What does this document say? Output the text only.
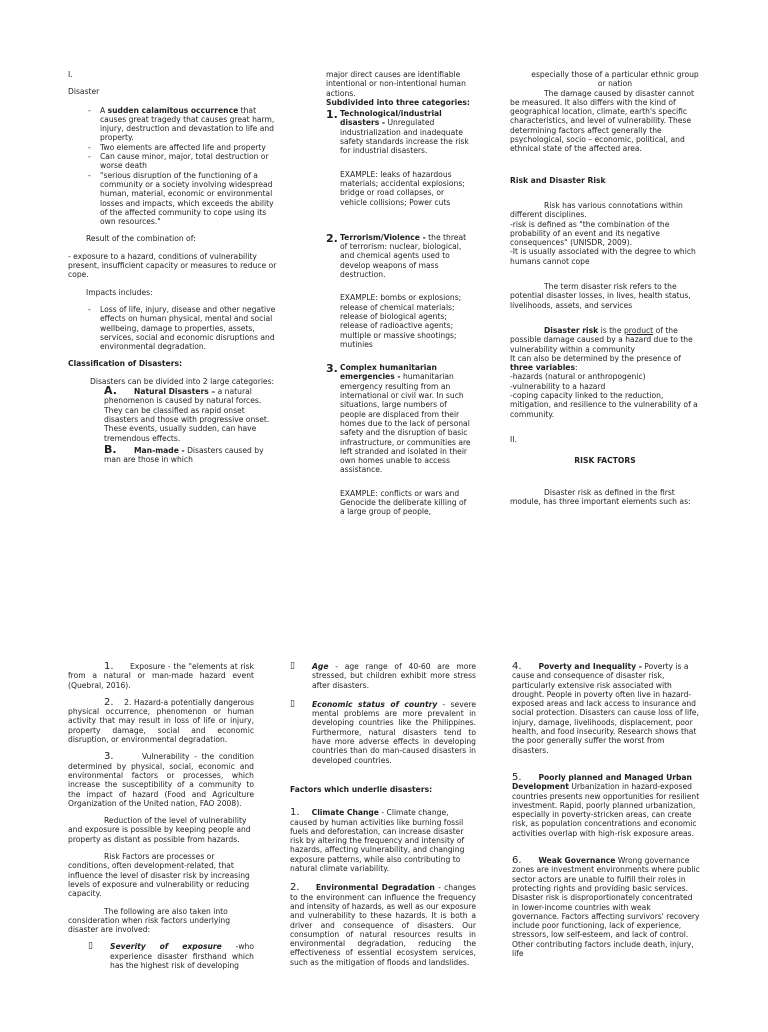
I.

Disaster

- A sudden calamitous occurrence that causes great tragedy that causes great harm, injury, destruction and devastation to life and property.
- Two elements are affected life and property
- Can cause minor, major, total destruction or worse death
- "serious disruption of the functioning of a community or a society involving widespread human, material, economic or environmental losses and impacts, which exceeds the ability of the affected community to cope using its own resources."

Result of the combination of:

- exposure to a hazard, conditions of vulnerability present, insufficient capacity or measures to reduce or cope.

Impacts includes:

- Loss of life, injury, disease and other negative effects on human physical, mental and social wellbeing, damage to properties, assets, services, social and economic disruptions and environmental degradation.

Classification of Disasters:

Disasters can be divided into 2 large categories:

A. Natural Disasters – a natural phenomenon is caused by natural forces. They can be classified as rapid onset disasters and those with progressive onset. These events, usually sudden, can have tremendous effects.

B. Man-made - Disasters caused by man are those in which

major direct causes are identifiable intentional or non-intentional human actions.

Subdivided into three categories:

1. Technological/industrial disasters - Unregulated industrialization and inadequate safety standards increase the risk for industrial disasters.

EXAMPLE: leaks of hazardous materials; accidental explosions; bridge or road collapses, or vehicle collisions; Power cuts

2. Terrorism/Violence - the threat of terrorism: nuclear, biological, and chemical agents used to develop weapons of mass destruction.

EXAMPLE: bombs or explosions; release of chemical materials; release of biological agents; release of radioactive agents; multiple or massive shootings; mutinies

3. Complex humanitarian emergencies - humanitarian emergency resulting from an international or civil war. In such situations, large numbers of people are displaced from their homes due to the lack of personal safety and the disruption of basic infrastructure, or communities are left stranded and isolated in their own homes unable to access assistance.

EXAMPLE: conflicts or wars and Genocide the deliberate killing of a large group of people,

especially those of a particular ethnic group or nation

The damage caused by disaster cannot be measured. It also differs with the kind of geographical location, climate, earth's specific characteristics, and level of vulnerability. These determining factors affect generally the psychological, socio – economic, political, and ethnical state of the affected area.

Risk and Disaster Risk

Risk has various connotations within different disciplines.

-risk is defined as "the combination of the probability of an event and its negative consequences" (UNISDR, 2009).

-It is usually associated with the degree to which humans cannot cope

The term disaster risk refers to the potential disaster losses, in lives, health status, livelihoods, assets, and services

Disaster risk is the product of the possible damage caused by a hazard due to the vulnerability within a community

It can also be determined by the presence of

three variables:

-hazards (natural or anthropogenic)

-vulnerability to a hazard

-coping capacity linked to the reduction, mitigation, and resilience to the vulnerability of a community.

II.

RISK FACTORS

Disaster risk as defined in the first module, has three important elements such as:

1. Exposure - the "elements at risk from a natural or man-made hazard event (Quebral, 2016).

2. 2. Hazard-a potentially dangerous physical occurrence, phenomenon or human activity that may result in loss of life or injury, property damage, social and economic disruption, or environmental degradation.

3.	Vulnerability - the condition determined by physical, social, economic and environmental factors or processes, which increase the susceptibility of a community to the impact of hazard (Food and Agriculture Organization of the United nation, FAO 2008).

Reduction of the level of vulnerability and exposure is possible by keeping people and property as distant as possible from hazards.

Risk Factors are processes or conditions, often development-related, that influence the level of disaster risk by increasing levels of exposure and vulnerability or reducing capacity.

The following are also taken into consideration when risk factors underlying disaster are involved:

▯	Severity of exposure -who experience disaster firsthand which has the highest risk of developing
▯	Age - age range of 40-60 are more stressed, but children exhibit more stress after disasters.
▯	Economic status of country - severe mental problems are more prevalent in developing countries like the Philippines. Furthermore, natural disasters tend to have more adverse effects in developing countries than do man-caused disasters in developed countries.

Factors which underlie disasters:

1. Climate Change - Climate change, caused by human activities like burning fossil fuels and deforestation, can increase disaster risk by altering the frequency and intensity of hazards, affecting vulnerability, and changing exposure patterns, while also contributing to natural climate variability.

2. Environmental Degradation - changes to the environment can influence the frequency and intensity of hazards, as well as our exposure and vulnerability to these hazards. It is both a driver and consequence of disasters. Our consumption of natural resources results in environmental degradation, reducing the effectiveness of essential ecosystem services, such as the mitigation of floods and landslides.

4. Poverty and Inequality - Poverty is a cause and consequence of disaster risk, particularly extensive risk associated with drought. People in poverty often live in hazard-exposed areas and lack access to insurance and social protection. Disasters can cause loss of life, injury, damage, livelihoods, displacement, poor health, and food insecurity. Research shows that the poor generally suffer the worst from disasters.

5. Poorly planned and Managed Urban Development Urbanization in hazard-exposed countries presents new opportunities for resilient investment. Rapid, poorly planned urbanization, especially in poverty-stricken areas, can create risk, as population concentrations and economic activities overlap with high-risk exposure areas.

6. Weak Governance Wrong governance zones are investment environments where public sector actors are unable to fulfill their roles in protecting rights and providing basic services. Disaster risk is disproportionately concentrated in lower-income countries with weak governance. Factors affecting survivors' recovery include poor functioning, lack of experience, stressors, low self-esteem, and lack of control. Other contributing factors include death, injury, life
